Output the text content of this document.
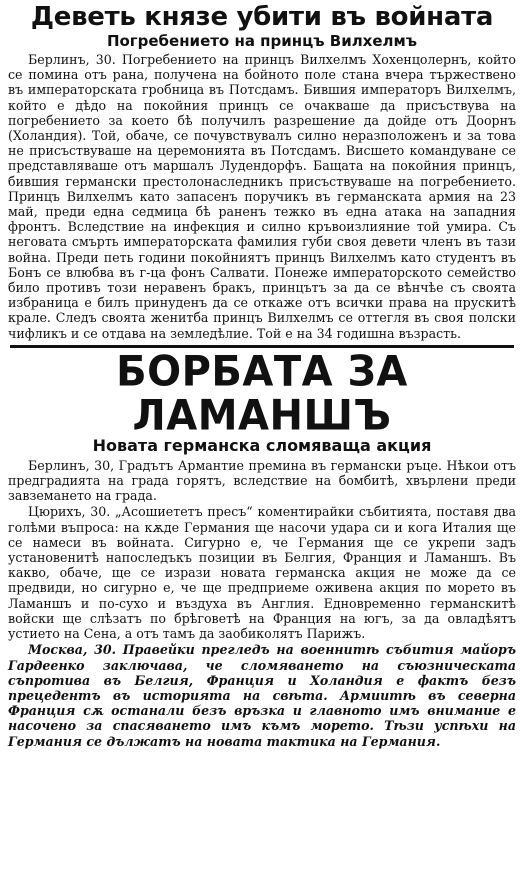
Деветь князе убити въ войната
Погребението на принцъ Вилхелмъ

Берлинъ, 30. Погребението на принцъ Вилхелмъ Хохенцолернъ, който се помина отъ рана, получена на бойното поле стана вчера тържествено въ императорската гробница въ Потсдамъ. Бившия императоръ Вилхелмъ, който е дѣдо на покойния принцъ се очакваше да присъствува на погребението за което бѣ получилъ разрешение да дойде отъ Доорнъ (Холандия). Той, обаче, се почувствувалъ силно неразположенъ и за това не присъствуваше на церемонията въ Потсдамъ. Висшето командуване се представляваше отъ маршалъ Лудендорфъ. Бащата на покойния принцъ, бившия германски престолонаследникъ присъствуваше на погребението. Принцъ Вилхелмъ като запасенъ поручикъ въ германската армия на 23 май, преди една седмица бѣ раненъ тежко въ една атака на западния фронтъ. Вследствие на инфекция и силно кръвоизлияние той умира. Съ неговата смърть императорската фамилия губи своя девети членъ въ тази война. Преди петь години покойниятъ принцъ Вилхелмъ като студентъ въ Бонъ се влюбва въ г-ца фонъ Салвати. Понеже императорското семейство било противъ този неравенъ бракъ, принцътъ за да се вѣнчѣе съ своята избраница е билъ принуденъ да се откаже отъ всички права на прускитѣ крале. Следъ своята женитба принцъ Вилхелмъ се оттегля въ своя полски чифликъ и се отдава на земледѣлие. Той е на 34 годишна възрасть.

БОРБАТА ЗА ЛАМАНШЪ
Новата германска сломяваща акция

Берлинъ, 30, Градътъ Армантие премина въ германски ръце. Нѣкои отъ предградията на града горятъ, вследствие на бомбитѣ, хвърлени преди завземането на града.

Цюрихъ, 30. „Асошиететъ пресъ“ коментирайки събитията, поставя два голѣми въпроса: на кѫде Германия ще насочи удара си и кога Италия ще се намеси въ войната. Сигурно е, че Германия ще се укрепи задъ установенитѣ напоследъкъ позиции въ Белгия, Франция и Ламаншъ. Въ какво, обаче, ще се изрази новата германска акция не може да се предвиди, но сигурно е, че ще предприеме оживена акция по морето въ Ламаншъ и по-сухо и въздуха въ Англия. Едновременно германскитѣ войски ще слѣзатъ по брѣговетѣ на Франция на югъ, за да овладѣятъ устието на Сена, а отъ тамъ да заобиколятъ Парижъ.

Москва, 30. Правейки прегледъ на военнитѣ събития майоръ Гардеенко заключава, че сломяването на съюзническата съпротива въ Белгия, Франция и Холандия е фактъ безъ прецедентъ въ историята на свѣта. Армиитѣ въ северна Франция сѫ останали безъ връзка и главното имъ внимание е насочено за спасяването имъ къмъ морето. Тѣзи успѣхи на Германия се дължатъ на новата тактика на Германия.
